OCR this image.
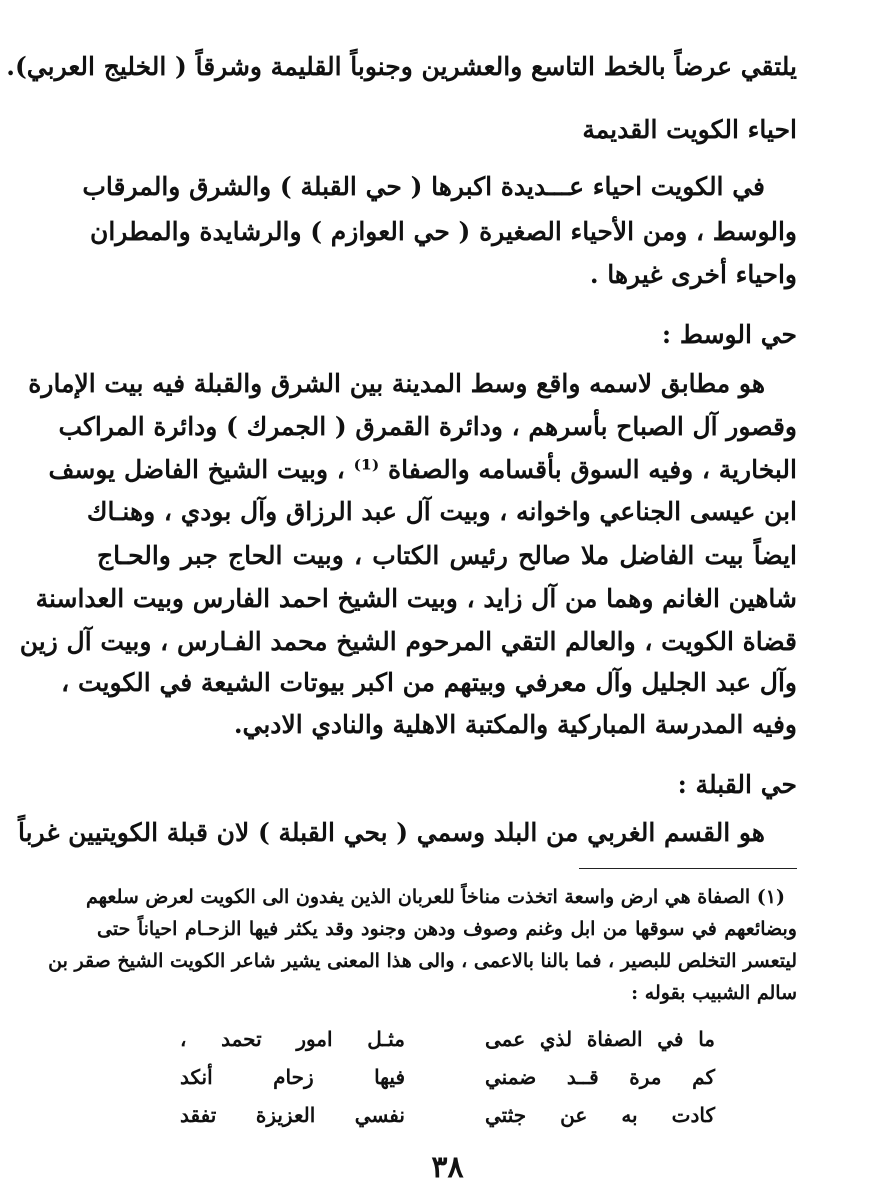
يلتقي عرضاً بالخط التاسع والعشرين وجنوباً القليمة وشرقاً ( الخليج العربي).
احياء الكويت القديمة
في الكويت احياء عـــديدة اكبرها ( حي القبلة ) والشرق والمرقاب
والوسط ، ومن الأحياء الصغيرة ( حي العوازم ) والرشايدة والمطران
واحياء أخرى غيرها .
حي الوسط :
هو مطابق لاسمه واقع وسط المدينة بين الشرق والقبلة فيه بيت الإمارة
وقصور آل الصباح بأسرهم ، ودائرة القمرق ( الجمرك ) ودائرة المراكب
البخارية ، وفيه السوق بأقسامه والصفاة ⁽¹⁾ ، وبيت الشيخ الفاضل يوسف
ابن عيسى الجناعي واخوانه ، وبيت آل عبد الرزاق وآل بودي ، وهنـاك
ايضاً بيت الفاضل ملا صالح رئيس الكتاب ، وبيت الحاج جبر والحـاج
شاهين الغانم وهما من آل زايد ، وبيت الشيخ احمد الفارس وبيت العداسنة
قضاة الكويت ، والعالم التقي المرحوم الشيخ محمد الفـارس ، وبيت آل زين
وآل عبد الجليل وآل معرفي وبيتهم من اكبر بيوتات الشيعة في الكويت ،
وفيه المدرسة المباركية والمكتبة الاهلية والنادي الادبي.
حي القبلة :
هو القسم الغربي من البلد وسمي ( بحي القبلة ) لان قبلة الكويتيين غرباً
(١) الصفاة هي ارض واسعة اتخذت مناخاً للعربان الذين يفدون الى الكويت لعرض سلعهم
وبضائعهم في سوقها من ابل وغنم وصوف ودهن وجنود وقد يكثر فيها الزحـام احياناً حتى
ليتعسر التخلص للبصير ، فما بالنا بالاعمى ، والى هذا المعنى يشير شاعر الكويت الشيخ صقر بن
سالم الشبيب بقوله :
ما في الصفاة لذي عمى
مثـل امور تحمد ،
كم مرة قــد ضمني
فيها زحام أنكد
كادت به عن جثتي
نفسي العزيزة تفقد
٣٨
